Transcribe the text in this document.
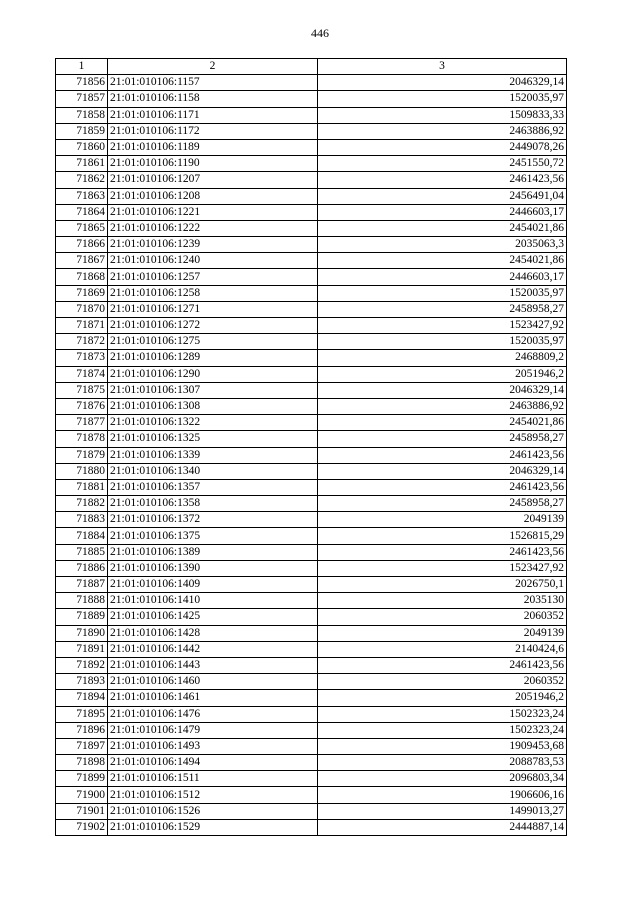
446
1	2	3
71856	21:01:010106:1157	2046329,14
71857	21:01:010106:1158	1520035,97
71858	21:01:010106:1171	1509833,33
71859	21:01:010106:1172	2463886,92
71860	21:01:010106:1189	2449078,26
71861	21:01:010106:1190	2451550,72
71862	21:01:010106:1207	2461423,56
71863	21:01:010106:1208	2456491,04
71864	21:01:010106:1221	2446603,17
71865	21:01:010106:1222	2454021,86
71866	21:01:010106:1239	2035063,3
71867	21:01:010106:1240	2454021,86
71868	21:01:010106:1257	2446603,17
71869	21:01:010106:1258	1520035,97
71870	21:01:010106:1271	2458958,27
71871	21:01:010106:1272	1523427,92
71872	21:01:010106:1275	1520035,97
71873	21:01:010106:1289	2468809,2
71874	21:01:010106:1290	2051946,2
71875	21:01:010106:1307	2046329,14
71876	21:01:010106:1308	2463886,92
71877	21:01:010106:1322	2454021,86
71878	21:01:010106:1325	2458958,27
71879	21:01:010106:1339	2461423,56
71880	21:01:010106:1340	2046329,14
71881	21:01:010106:1357	2461423,56
71882	21:01:010106:1358	2458958,27
71883	21:01:010106:1372	2049139
71884	21:01:010106:1375	1526815,29
71885	21:01:010106:1389	2461423,56
71886	21:01:010106:1390	1523427,92
71887	21:01:010106:1409	2026750,1
71888	21:01:010106:1410	2035130
71889	21:01:010106:1425	2060352
71890	21:01:010106:1428	2049139
71891	21:01:010106:1442	2140424,6
71892	21:01:010106:1443	2461423,56
71893	21:01:010106:1460	2060352
71894	21:01:010106:1461	2051946,2
71895	21:01:010106:1476	1502323,24
71896	21:01:010106:1479	1502323,24
71897	21:01:010106:1493	1909453,68
71898	21:01:010106:1494	2088783,53
71899	21:01:010106:1511	2096803,34
71900	21:01:010106:1512	1906606,16
71901	21:01:010106:1526	1499013,27
71902	21:01:010106:1529	2444887,14
